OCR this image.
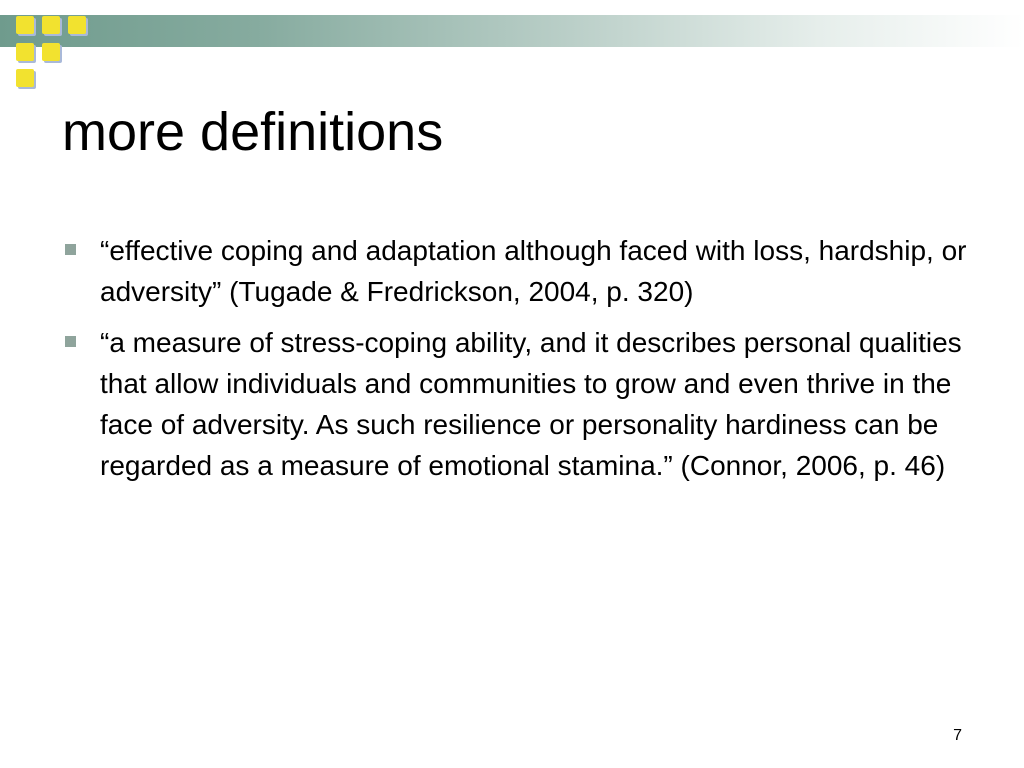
more definitions
“effective coping and adaptation although faced with loss, hardship, or adversity” (Tugade & Fredrickson, 2004, p. 320)
“a measure of stress-coping ability, and it describes personal qualities that allow individuals and communities to grow and even thrive in the face of adversity. As such resilience or personality hardiness can be regarded as a measure of emotional stamina.” (Connor, 2006, p. 46)
7
